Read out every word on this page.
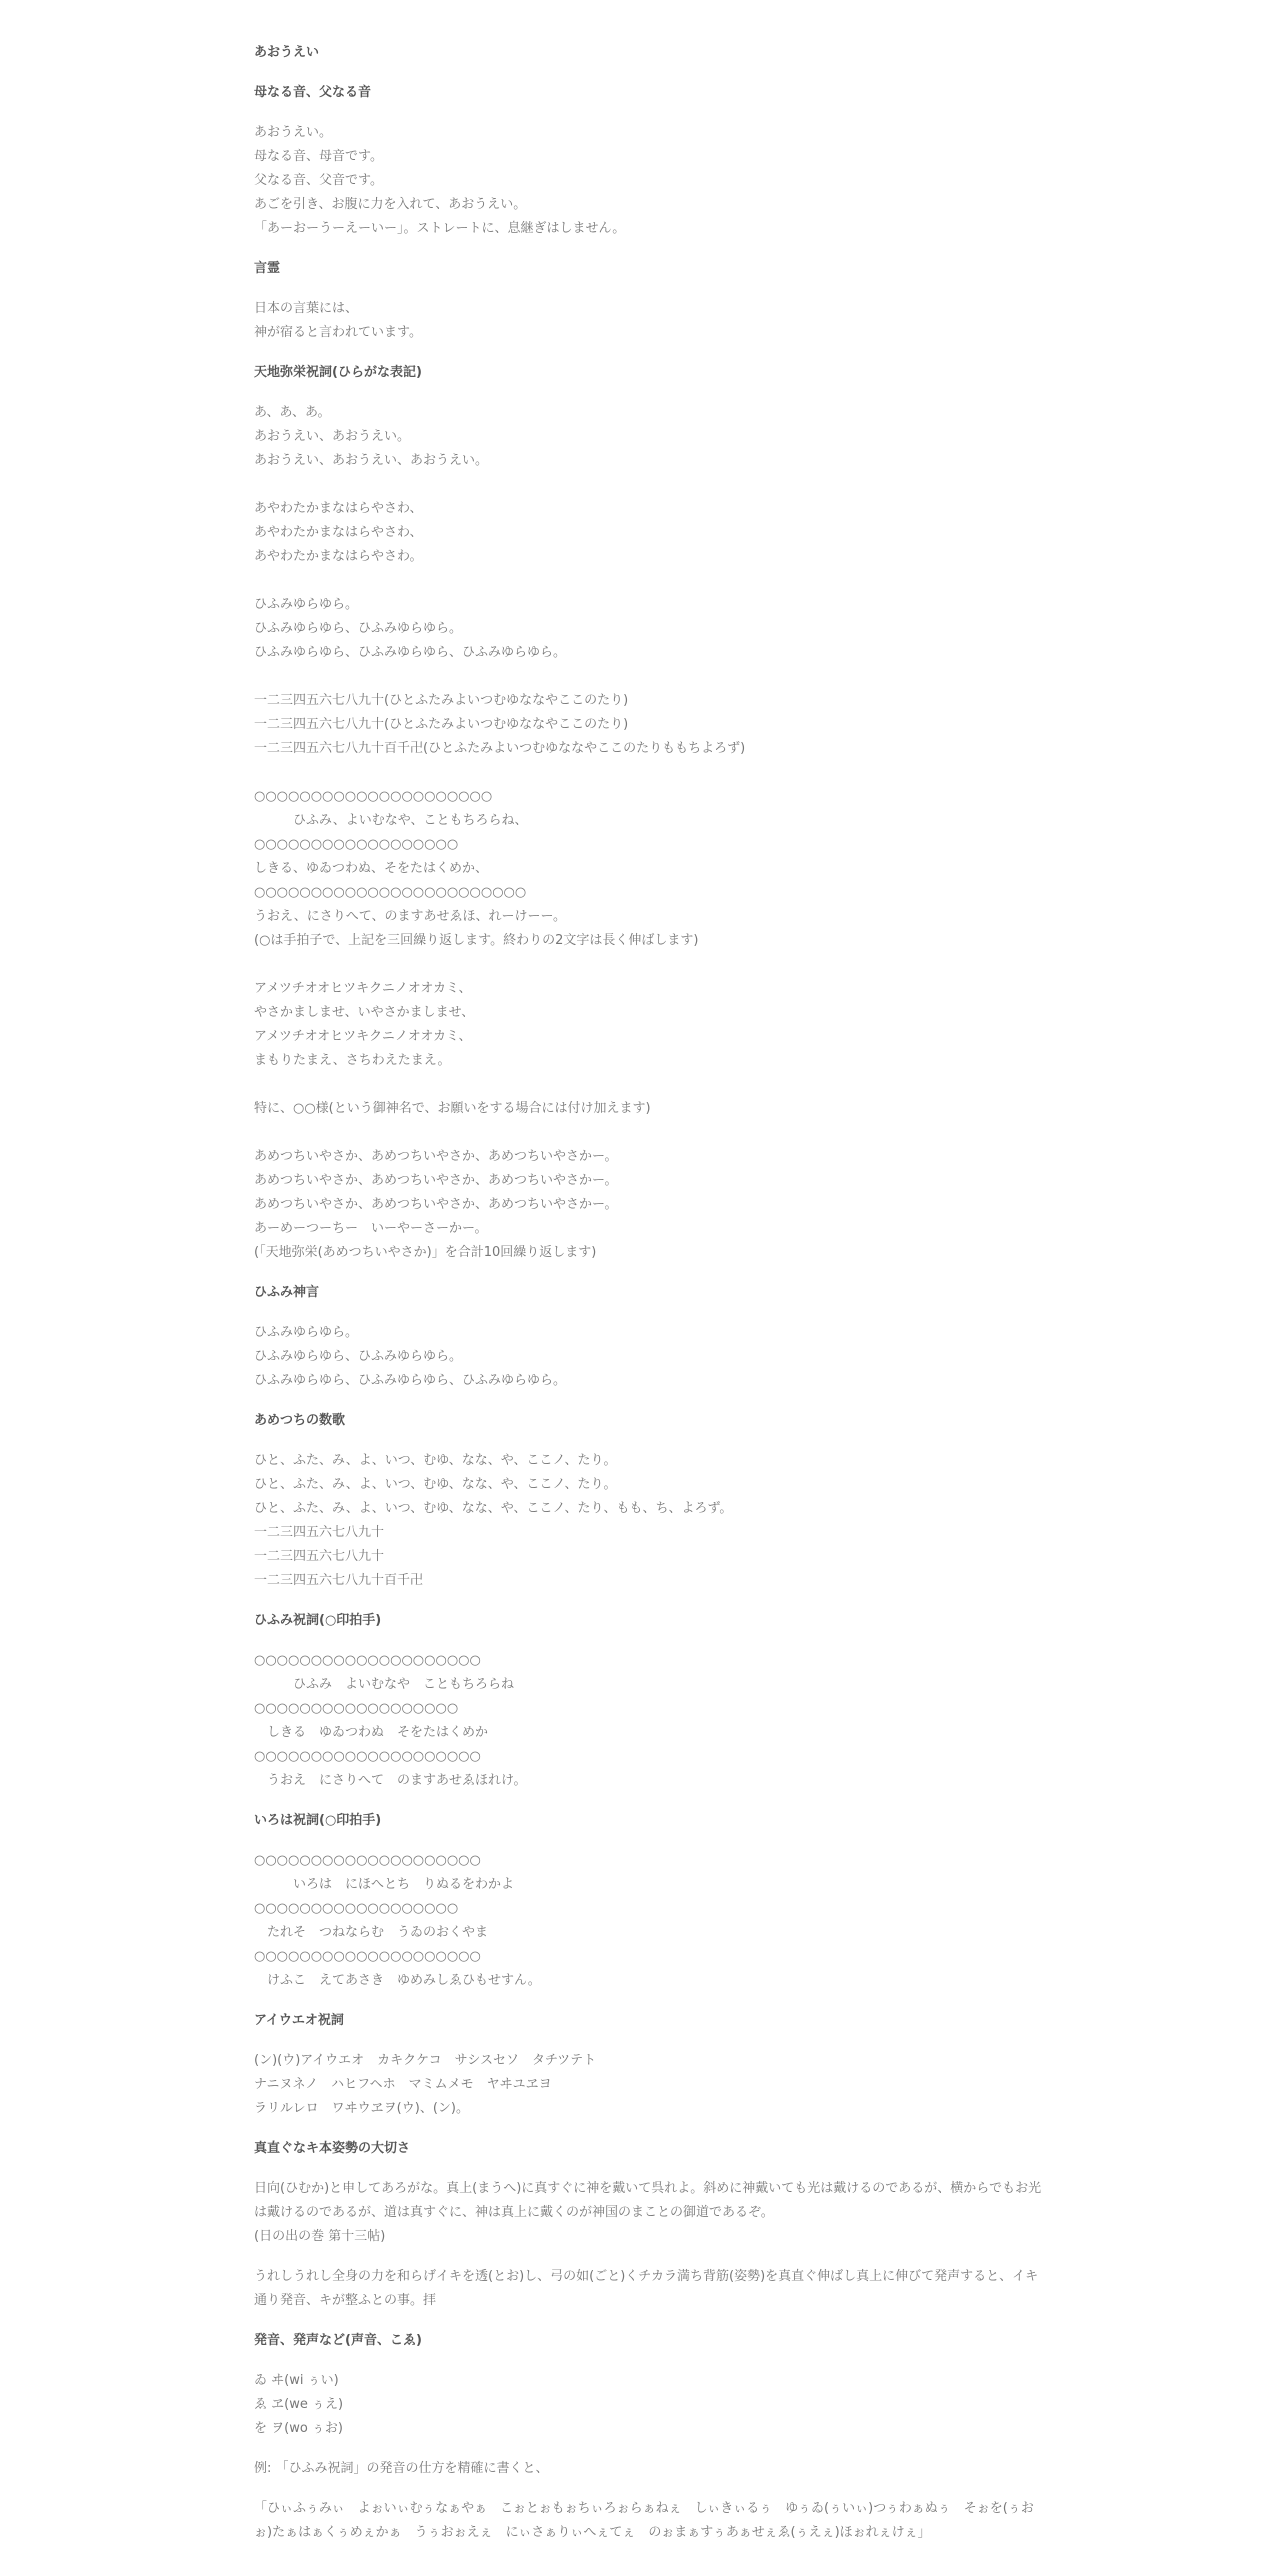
あおうえい
母なる音、父なる音
あおうえい。
母なる音、母音です。
父なる音、父音です。
あごを引き、お腹に力を入れて、あおうえい。
「あーおーうーえーいー」。ストレートに、息継ぎはしません。
言霊
日本の言葉には、
神が宿ると言われています。
天地弥栄祝詞(ひらがな表記)
あ、あ、あ。
あおうえい、あおうえい。
あおうえい、あおうえい、あおうえい。
あやわたかまなはらやさわ、
あやわたかまなはらやさわ、
あやわたかまなはらやさわ。
ひふみゆらゆら。
ひふみゆらゆら、ひふみゆらゆら。
ひふみゆらゆら、ひふみゆらゆら、ひふみゆらゆら。
一二三四五六七八九十(ひとふたみよいつむゆななやここのたり)
一二三四五六七八九十(ひとふたみよいつむゆななやここのたり)
一二三四五六七八九十百千卍(ひとふたみよいつむゆななやここのたりももちよろず)
○○○○○○○○○○○○○○○○○○○○○
　　　ひふみ、よいむなや、こともちろらね、
○○○○○○○○○○○○○○○○○○
しきる、ゆゐつわぬ、そをたはくめか、
○○○○○○○○○○○○○○○○○○○○○○○○
うおえ、にさりへて、のますあせゑほ、れーけーー。
(○は手拍子で、上記を三回繰り返します。終わりの2文字は長く伸ばします)
アメツチオオヒツキクニノオオカミ、
やさかましませ、いやさかましませ、
アメツチオオヒツキクニノオオカミ、
まもりたまえ、さちわえたまえ。
特に、○○様(という御神名で、お願いをする場合には付け加えます)
あめつちいやさか、あめつちいやさか、あめつちいやさかー。
あめつちいやさか、あめつちいやさか、あめつちいやさかー。
あめつちいやさか、あめつちいやさか、あめつちいやさかー。
あーめーつーちー　いーやーさーかー。
(「天地弥栄(あめつちいやさか)」を合計10回繰り返します)
ひふみ神言
ひふみゆらゆら。
ひふみゆらゆら、ひふみゆらゆら。
ひふみゆらゆら、ひふみゆらゆら、ひふみゆらゆら。
あめつちの数歌
ひと、ふた、み、よ、いつ、むゆ、なな、や、ここノ、たり。
ひと、ふた、み、よ、いつ、むゆ、なな、や、ここノ、たり。
ひと、ふた、み、よ、いつ、むゆ、なな、や、ここノ、たり、もも、ち、よろず。
一二三四五六七八九十
一二三四五六七八九十
一二三四五六七八九十百千卍
ひふみ祝詞(○印拍手)
○○○○○○○○○○○○○○○○○○○○
　　　ひふみ　よいむなや　こともちろらね
○○○○○○○○○○○○○○○○○○
　しきる　ゆゐつわぬ　そをたはくめか
○○○○○○○○○○○○○○○○○○○○
　うおえ　にさりへて　のますあせゑほれけ。
いろは祝詞(○印拍手)
○○○○○○○○○○○○○○○○○○○○
　　　いろは　にほへとち　りぬるをわかよ
○○○○○○○○○○○○○○○○○○
　たれそ　つねならむ　うゐのおくやま
○○○○○○○○○○○○○○○○○○○○
　けふこ　えてあさき　ゆめみしゑひもせすん。
アイウエオ祝詞
(ン)(ウ)アイウエオ　カキクケコ　サシスセソ　タチツテト
ナニヌネノ　ハヒフヘホ　マミムメモ　ヤヰユヱヨ
ラリルレロ　ワヰウヱヲ(ウ)、(ン)。
真直ぐなキ本姿勢の大切さ
日向(ひむか)と申してあろがな。真上(まうへ)に真すぐに神を戴いて呉れよ。斜めに神戴いても光は戴けるのであるが、横からでもお光は戴けるのであるが、道は真すぐに、神は真上に戴くのが神国のまことの御道であるぞ。
(日の出の巻 第十三帖)
うれしうれし全身の力を和らげイキを透(とお)し、弓の如(ごと)くチカラ満ち背筋(姿勢)を真直ぐ伸ばし真上に伸びて発声すると、イキ通り発音、キが整ふとの事。拝
発音、発声など(声音、こゑ)
ゐ ヰ(wi ぅい)
ゑ ヱ(we ぅえ)
を ヲ(wo ぅお)
例: 「ひふみ祝詞」の発音の仕方を精確に書くと、
「ひぃふぅみぃ　よぉいぃむぅなぁやぁ　こぉとぉもぉちぃろぉらぁねぇ　しぃきぃるぅ　ゆぅゐ(ぅいぃ)つぅわぁぬぅ　そぉを(ぅおぉ)たぁはぁくぅめぇかぁ　うぅおぉえぇ　にぃさぁりぃへぇてぇ　のぉまぁすぅあぁせぇゑ(ぅえぇ)ほぉれぇけぇ」
